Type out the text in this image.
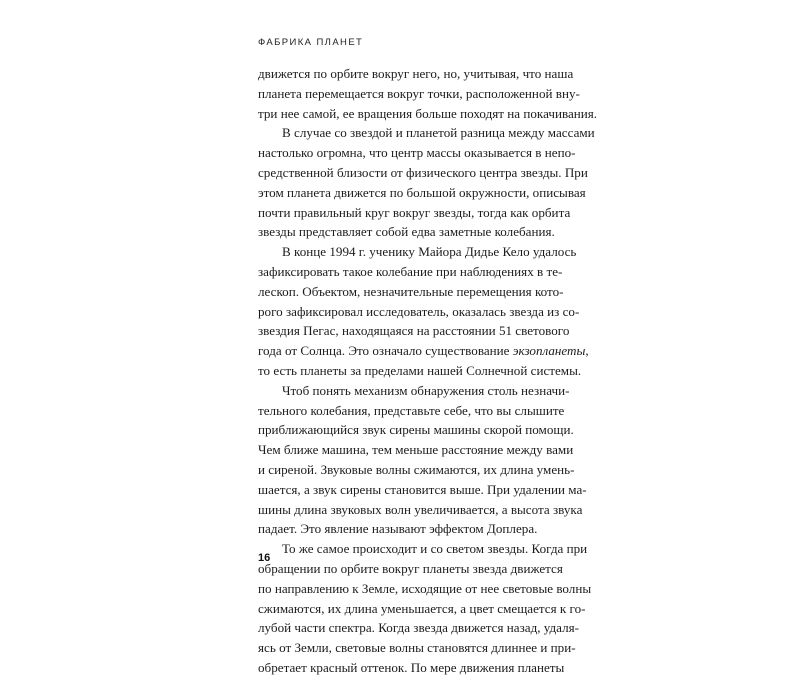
ФАБРИКА ПЛАНЕТ
движется по орбите вокруг него, но, учитывая, что наша
планета перемещается вокруг точки, расположенной вну-
три нее самой, ее вращения больше походят на покачивания.
В случае со звездой и планетой разница между массами
настолько огромна, что центр массы оказывается в непо-
средственной близости от физического центра звезды. При
этом планета движется по большой окружности, описывая
почти правильный круг вокруг звезды, тогда как орбита
звезды представляет собой едва заметные колебания.
В конце 1994 г. ученику Майора Дидье Кело удалось
зафиксировать такое колебание при наблюдениях в те-
лескоп. Объектом, незначительные перемещения кото-
рого зафиксировал исследователь, оказалась звезда из со-
звездия Пегас, находящаяся на расстоянии 51 светового
года от Солнца. Это означало существование экзопланеты,
то есть планеты за пределами нашей Солнечной системы.
Чтоб понять механизм обнаружения столь незначи-
тельного колебания, представьте себе, что вы слышите
приближающийся звук сирены машины скорой помощи.
Чем ближе машина, тем меньше расстояние между вами
и сиреной. Звуковые волны сжимаются, их длина умень-
шается, а звук сирены становится выше. При удалении ма-
шины длина звуковых волн увеличивается, а высота звука
падает. Это явление называют эффектом Доплера.
То же самое происходит и со светом звезды. Когда при
обращении по орбите вокруг планеты звезда движется
по направлению к Земле, исходящие от нее световые волны
сжимаются, их длина уменьшается, а цвет смещается к го-
лубой части спектра. Когда звезда движется назад, удаля-
ясь от Земли, световые волны становятся длиннее и при-
обретает красный оттенок. По мере движения планеты
16
